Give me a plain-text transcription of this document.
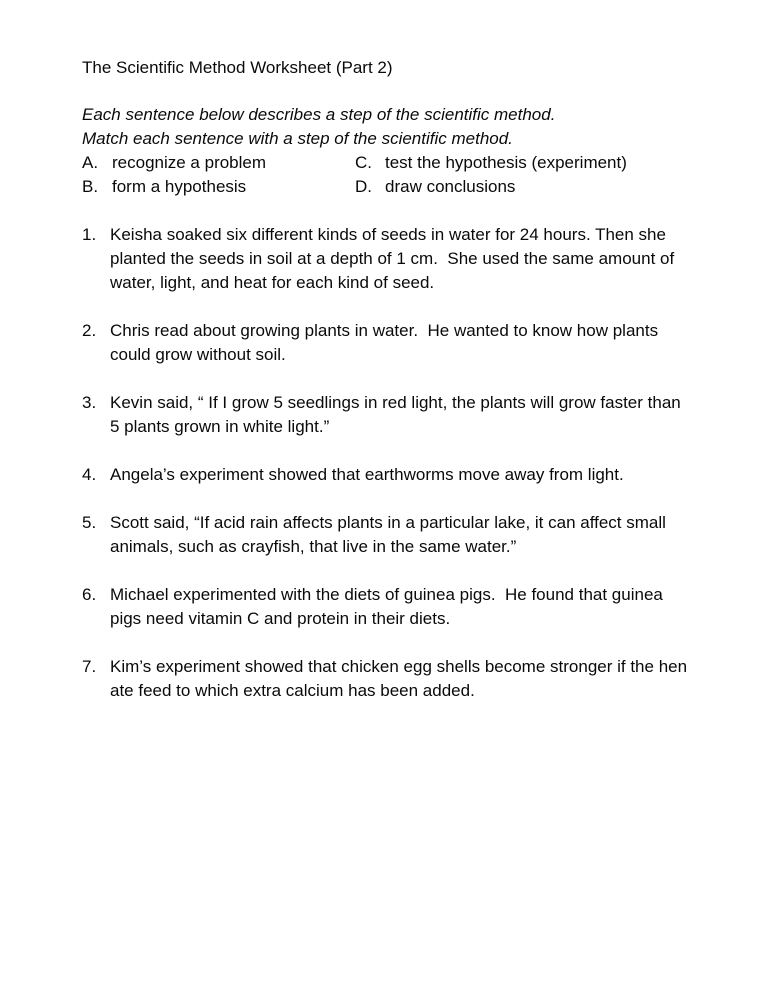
The Scientific Method Worksheet (Part 2)
Each sentence below describes a step of the scientific method.
Match each sentence with a step of the scientific method.
A. recognize a problem	C. test the hypothesis (experiment)
B. form a hypothesis	D. draw conclusions
1. Keisha soaked six different kinds of seeds in water for 24 hours. Then she planted the seeds in soil at a depth of 1 cm.  She used the same amount of water, light, and heat for each kind of seed.
2. Chris read about growing plants in water.  He wanted to know how plants could grow without soil.
3. Kevin said, “ If I grow 5 seedlings in red light, the plants will grow faster than 5 plants grown in white light.”
4. Angela’s experiment showed that earthworms move away from light.
5. Scott said, “If acid rain affects plants in a particular lake, it can affect small animals, such as crayfish, that live in the same water.”
6. Michael experimented with the diets of guinea pigs.  He found that guinea pigs need vitamin C and protein in their diets.
7. Kim’s experiment showed that chicken egg shells become stronger if the hen ate feed to which extra calcium has been added.
